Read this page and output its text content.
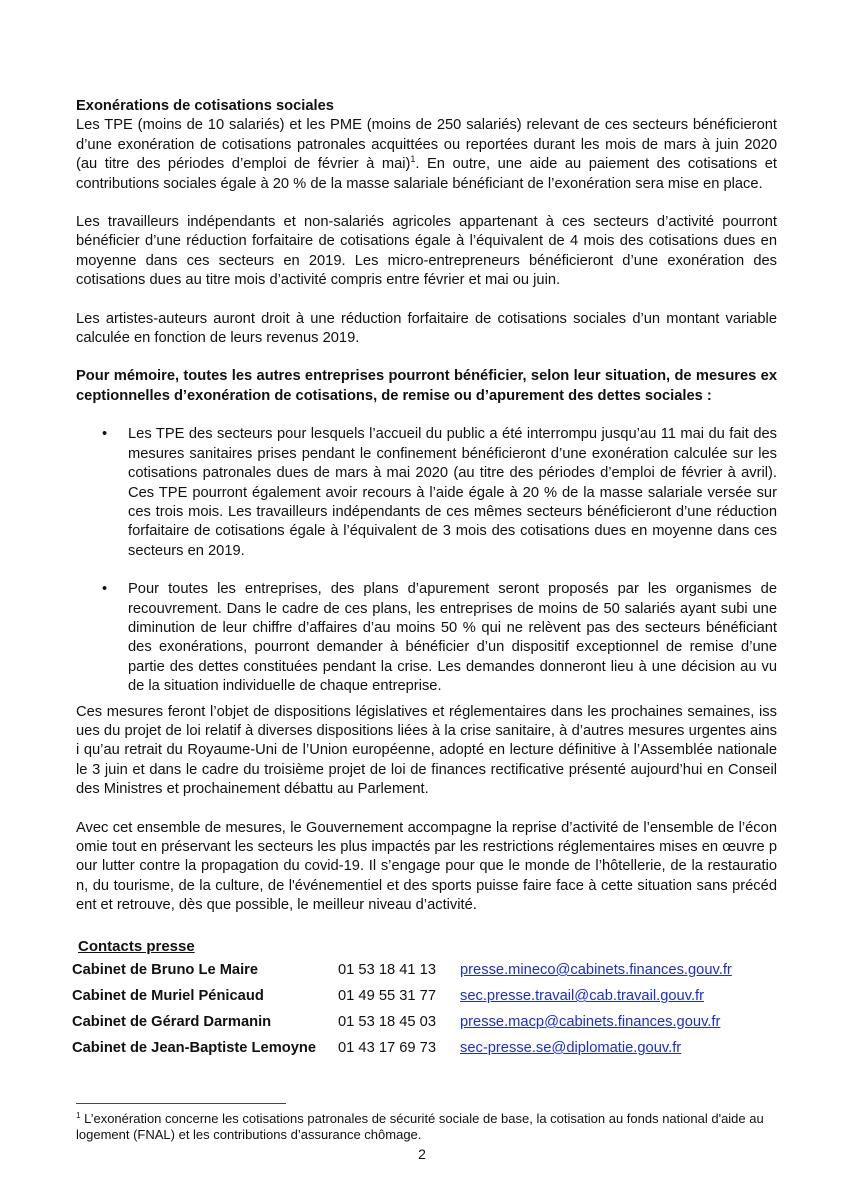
Exonérations de cotisations sociales

Les TPE (moins de 10 salariés) et les PME (moins de 250 salariés) relevant de ces secteurs bénéficieront d’une exonération de cotisations patronales acquittées ou reportées durant les mois de mars à juin 2020 (au titre des périodes d’emploi de février à mai)$^1$. En outre, une aide au paiement des cotisations et contributions sociales égale à 20 % de la masse salariale bénéficiant de l’exonération sera mise en place.

Les travailleurs indépendants et non-salariés agricoles appartenant à ces secteurs d’activité pourront bénéficier d’une réduction forfaitaire de cotisations égale à l’équivalent de 4 mois des cotisations dues en moyenne dans ces secteurs en 2019. Les micro-entrepreneurs bénéficieront d’une exonération des cotisations dues au titre mois d’activité compris entre février et mai ou juin.

Les artistes-auteurs auront droit à une réduction forfaitaire de cotisations sociales d’un montant variable calculée en fonction de leurs revenus 2019.

Pour mémoire, toutes les autres entreprises pourront bénéficier, selon leur situation, de mesures exceptionnelles d’exonération de cotisations, de remise ou d’apurement des dettes sociales :

• Les TPE des secteurs pour lesquels l’accueil du public a été interrompu jusqu’au 11 mai du fait des mesures sanitaires prises pendant le confinement bénéficieront d’une exonération calculée sur les cotisations patronales dues de mars à mai 2020 (au titre des périodes d’emploi de février à avril). Ces TPE pourront également avoir recours à l’aide égale à 20 % de la masse salariale versée sur ces trois mois. Les travailleurs indépendants de ces mêmes secteurs bénéficieront d’une réduction forfaitaire de cotisations égale à l’équivalent de 3 mois des cotisations dues en moyenne dans ces secteurs en 2019.

• Pour toutes les entreprises, des plans d’apurement seront proposés par les organismes de recouvrement. Dans le cadre de ces plans, les entreprises de moins de 50 salariés ayant subi une diminution de leur chiffre d’affaires d’au moins 50 % qui ne relèvent pas des secteurs bénéficiant des exonérations, pourront demander à bénéficier d’un dispositif exceptionnel de remise d’une partie des dettes constituées pendant la crise. Les demandes donneront lieu à une décision au vu de la situation individuelle de chaque entreprise.

Ces mesures feront l’objet de dispositions législatives et réglementaires dans les prochaines semaines, issues du projet de loi relatif à diverses dispositions liées à la crise sanitaire, à d’autres mesures urgentes ainsi qu’au retrait du Royaume-Uni de l’Union européenne, adopté en lecture définitive à l’Assemblée nationale le 3 juin et dans le cadre du troisième projet de loi de finances rectificative présenté aujourd’hui en Conseil des Ministres et prochainement débattu au Parlement.

Avec cet ensemble de mesures, le Gouvernement accompagne la reprise d’activité de l’ensemble de l’économie tout en préservant les secteurs les plus impactés par les restrictions réglementaires mises en œuvre pour lutter contre la propagation du covid-19. Il s’engage pour que le monde de l’hôtellerie, de la restauration, du tourisme, de la culture, de l'événementiel et des sports puisse faire face à cette situation sans précédent et retrouve, dès que possible, le meilleur niveau d’activité.

Contacts presse
Cabinet de Bruno Le Maire	01 53 18 41 13	presse.mineco@cabinets.finances.gouv.fr
Cabinet de Muriel Pénicaud	01 49 55 31 77	sec.presse.travail@cab.travail.gouv.fr
Cabinet de Gérard Darmanin	01 53 18 45 03	presse.macp@cabinets.finances.gouv.fr
Cabinet de Jean-Baptiste Lemoyne	01 43 17 69 73	sec-presse.se@diplomatie.gouv.fr
$^1$ L’exonération concerne les cotisations patronales de sécurité sociale de base, la cotisation au fonds national d'aide au logement (FNAL) et les contributions d’assurance chômage.
2
